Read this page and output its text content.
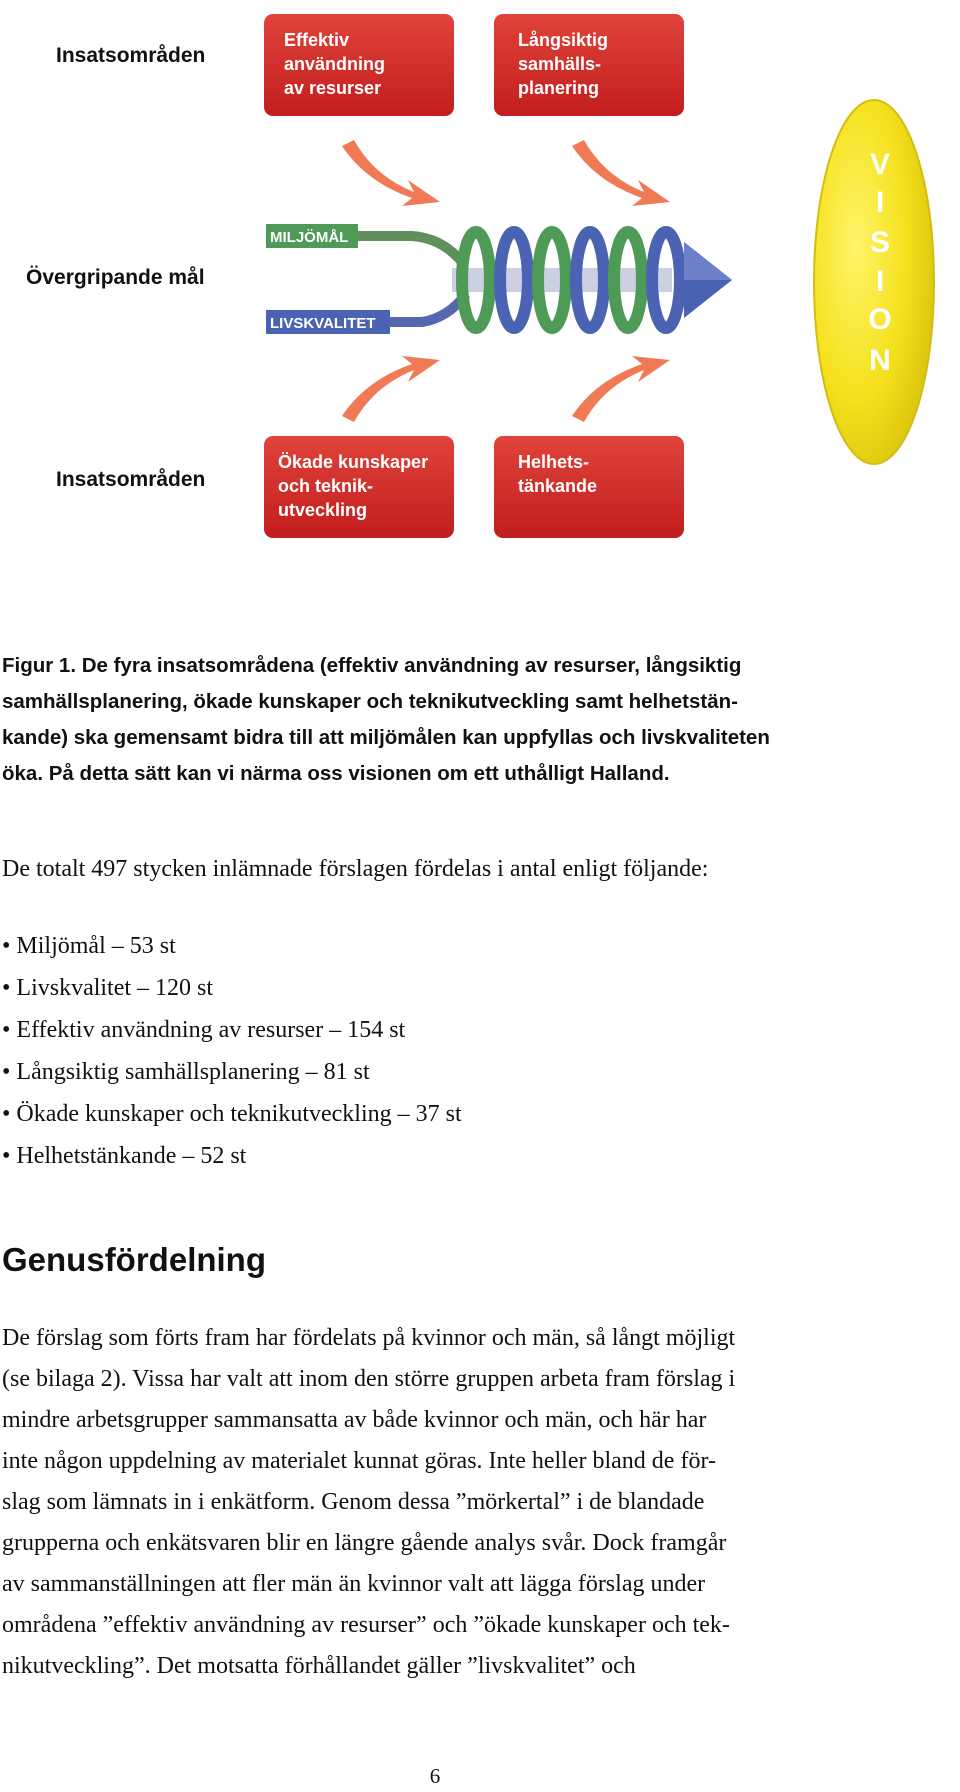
Insatsområden
Övergripande mål
Insatsområden
Effektiv användning av resurser
Långsiktig samhälls-planering
MILJÖMÅL
LIVSKVALITET
V
I
S
I
O
N
Ökade kunskaper och teknik-utveckling
Helhets-tänkande
Figur 1. De fyra insatsområdena (effektiv användning av resurser, långsiktig
samhällsplanering, ökade kunskaper och teknikutveckling samt helhetstän-
kande) ska gemensamt bidra till att miljömålen kan uppfyllas och livskvaliteten
öka. På detta sätt kan vi närma oss visionen om ett uthålligt Halland.
De totalt 497 stycken inlämnade förslagen fördelas i antal enligt följande:
• Miljömål – 53 st
• Livskvalitet – 120 st
• Effektiv användning av resurser – 154 st
• Långsiktig samhällsplanering – 81 st
• Ökade kunskaper och teknikutveckling – 37 st
• Helhetstänkande – 52 st
Genusfördelning
De förslag som förts fram har fördelats på kvinnor och män, så långt möjligt
(se bilaga 2). Vissa har valt att inom den större gruppen arbeta fram förslag i
mindre arbetsgrupper sammansatta av både kvinnor och män, och här har
inte någon uppdelning av materialet kunnat göras. Inte heller bland de för-
slag som lämnats in i enkätform. Genom dessa ”mörkertal” i de blandade
grupperna och enkätsvaren blir en längre gående analys svår. Dock framgår
av sammanställningen att fler män än kvinnor valt att lägga förslag under
områdena ”effektiv användning av resurser” och ”ökade kunskaper och tek-
nikutveckling”. Det motsatta förhållandet gäller ”livskvalitet” och
6
